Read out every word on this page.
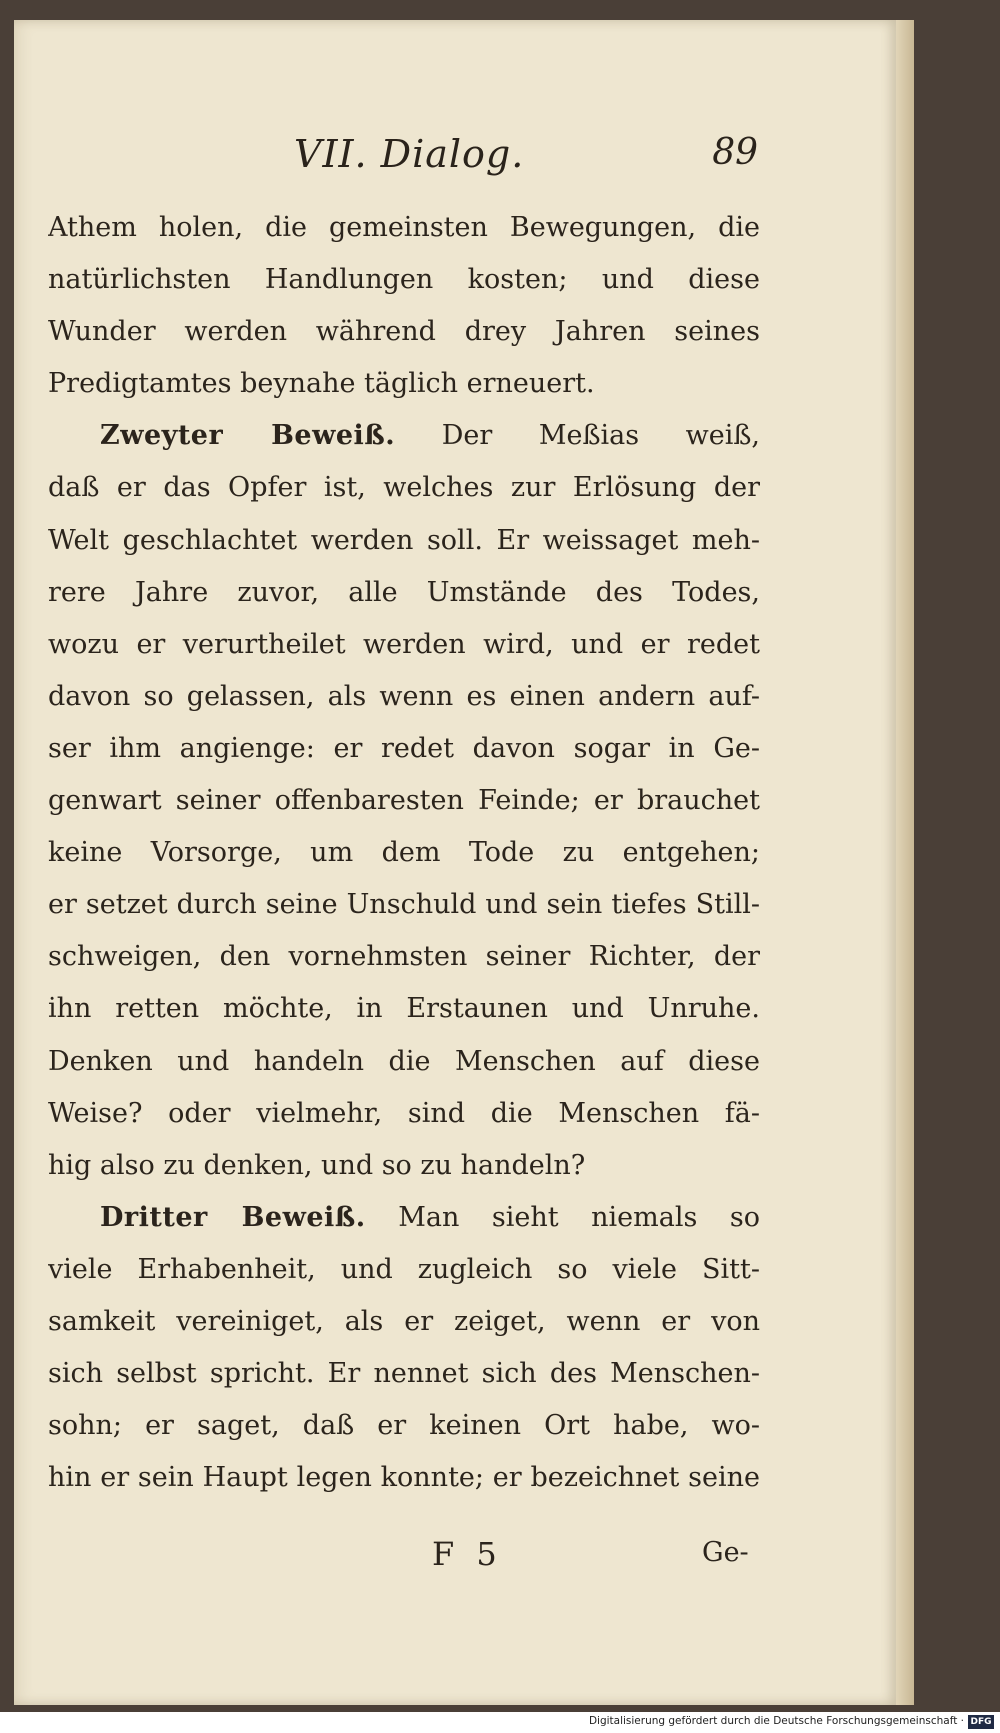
VII. Dialog.	89
Athem holen, die gemeinsten Bewegungen, die
natürlichsten Handlungen kosten; und diese
Wunder werden während drey Jahren seines
Predigtamtes beynahe täglich erneuert.
Zweyter Beweiß. Der Meßias weiß,
daß er das Opfer ist, welches zur Erlösung der
Welt geschlachtet werden soll. Er weissaget meh-
rere Jahre zuvor, alle Umstände des Todes,
wozu er verurtheilet werden wird, und er redet
davon so gelassen, als wenn es einen andern auf-
ser ihm angienge: er redet davon sogar in Ge-
genwart seiner offenbaresten Feinde; er brauchet
keine Vorsorge, um dem Tode zu entgehen;
er setzet durch seine Unschuld und sein tiefes Still-
schweigen, den vornehmsten seiner Richter, der
ihn retten möchte, in Erstaunen und Unruhe.
Denken und handeln die Menschen auf diese
Weise? oder vielmehr, sind die Menschen fä-
hig also zu denken, und so zu handeln?
Dritter Beweiß. Man sieht niemals so
viele Erhabenheit, und zugleich so viele Sitt-
samkeit vereiniget, als er zeiget, wenn er von
sich selbst spricht. Er nennet sich des Menschen-
sohn; er saget, daß er keinen Ort habe, wo-
hin er sein Haupt legen konnte; er bezeichnet seine
F 5	Ge-
Digitalisierung gefördert durch die Deutsche Forschungsgemeinschaft · DFG
